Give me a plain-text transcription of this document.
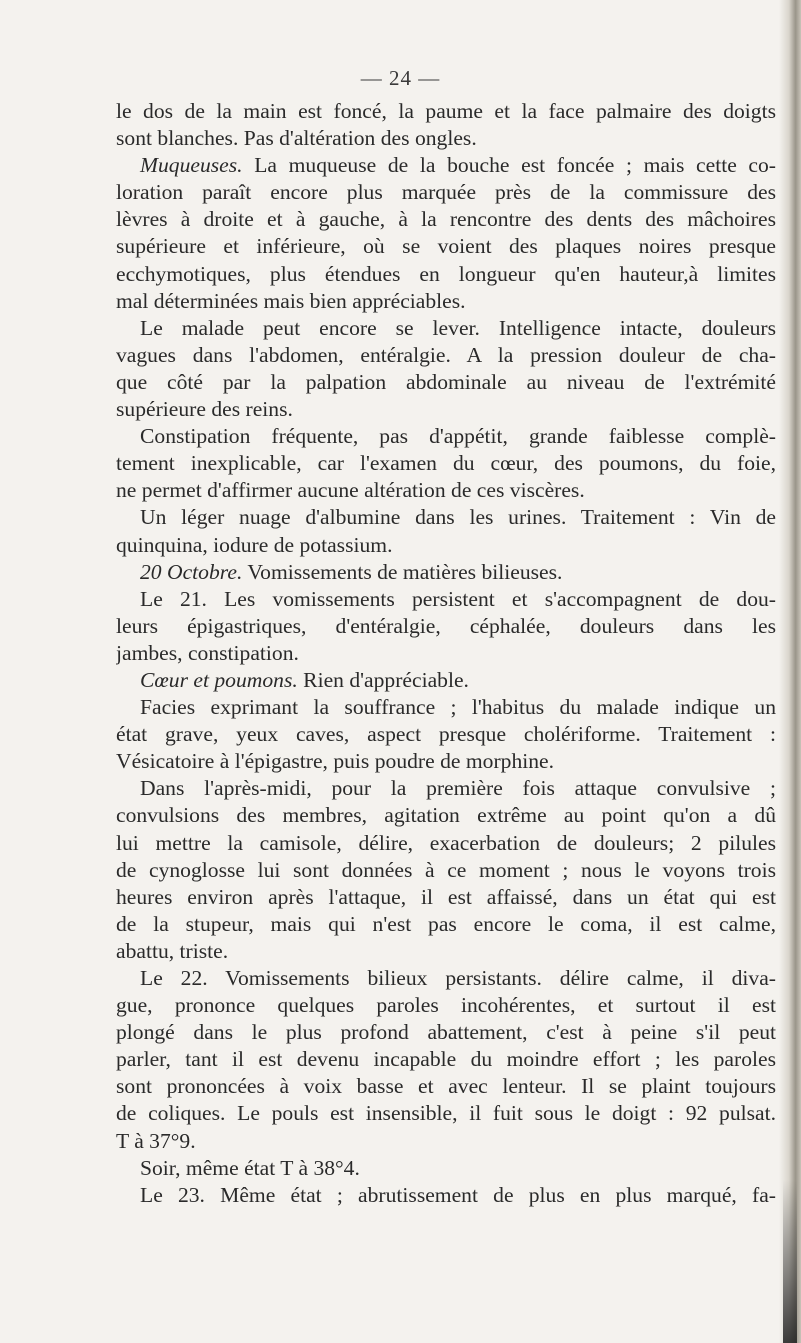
— 24 —
le dos de la main est foncé, la paume et la face palmaire des doigts
sont blanches. Pas d'altération des ongles.
Muqueuses. La muqueuse de la bouche est foncée ; mais cette co-
loration paraît encore plus marquée près de la commissure des
lèvres à droite et à gauche, à la rencontre des dents des mâchoires
supérieure et inférieure, où se voient des plaques noires presque
ecchymotiques, plus étendues en longueur qu'en hauteur,à limites
mal déterminées mais bien appréciables.
Le malade peut encore se lever. Intelligence intacte, douleurs
vagues dans l'abdomen, entéralgie. A la pression douleur de cha-
que côté par la palpation abdominale au niveau de l'extrémité
supérieure des reins.
Constipation fréquente, pas d'appétit, grande faiblesse complè-
tement inexplicable, car l'examen du cœur, des poumons, du foie,
ne permet d'affirmer aucune altération de ces viscères.
Un léger nuage d'albumine dans les urines. Traitement : Vin de
quinquina, iodure de potassium.
20 Octobre. Vomissements de matières bilieuses.
Le 21. Les vomissements persistent et s'accompagnent de dou-
leurs épigastriques, d'entéralgie, céphalée, douleurs dans les
jambes, constipation.
Cœur et poumons. Rien d'appréciable.
Facies exprimant la souffrance ; l'habitus du malade indique un
état grave, yeux caves, aspect presque cholériforme. Traitement :
Vésicatoire à l'épigastre, puis poudre de morphine.
Dans l'après-midi, pour la première fois attaque convulsive ;
convulsions des membres, agitation extrême au point qu'on a dû
lui mettre la camisole, délire, exacerbation de douleurs; 2 pilules
de cynoglosse lui sont données à ce moment ; nous le voyons trois
heures environ après l'attaque, il est affaissé, dans un état qui est
de la stupeur, mais qui n'est pas encore le coma, il est calme,
abattu, triste.
Le 22. Vomissements bilieux persistants. délire calme, il diva-
gue, prononce quelques paroles incohérentes, et surtout il est
plongé dans le plus profond abattement, c'est à peine s'il peut
parler, tant il est devenu incapable du moindre effort ; les paroles
sont prononcées à voix basse et avec lenteur. Il se plaint toujours
de coliques. Le pouls est insensible, il fuit sous le doigt : 92 pulsat.
T à 37°9.
Soir, même état T à 38°4.
Le 23. Même état ; abrutissement de plus en plus marqué, fa-
